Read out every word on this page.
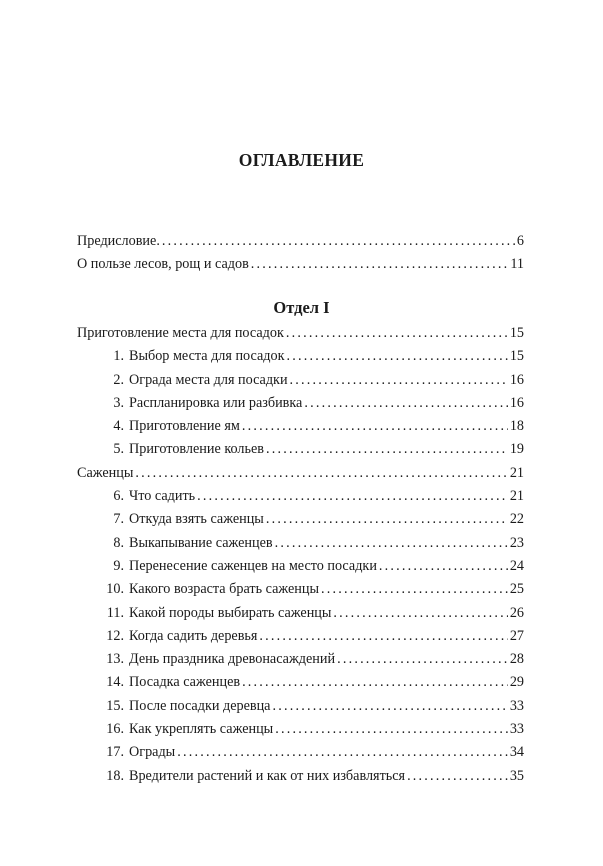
ОГЛАВЛЕНИЕ
Предисловие. .....	6
О пользе лесов, рощ и садов .....	11
Отдел I
Приготовление места для посадок .....	15
1. Выбор места для посадок .....	15
2. Ограда места для посадки .....	16
3. Распланировка или разбивка .....	16
4. Приготовление ям .....	18
5. Приготовление кольев .....	19
Саженцы .....	21
6. Что садить .....	21
7. Откуда взять саженцы .....	22
8. Выкапывание саженцев .....	23
9. Перенесение саженцев на место посадки .....	24
10. Какого возраста брать саженцы .....	25
11. Какой породы выбирать саженцы .....	26
12. Когда садить деревья .....	27
13. День праздника древонасаждений .....	28
14. Посадка саженцев .....	29
15. После посадки деревца .....	33
16. Как укреплять саженцы .....	33
17. Ограды .....	34
18. Вредители растений и как от них избавляться .....	35
